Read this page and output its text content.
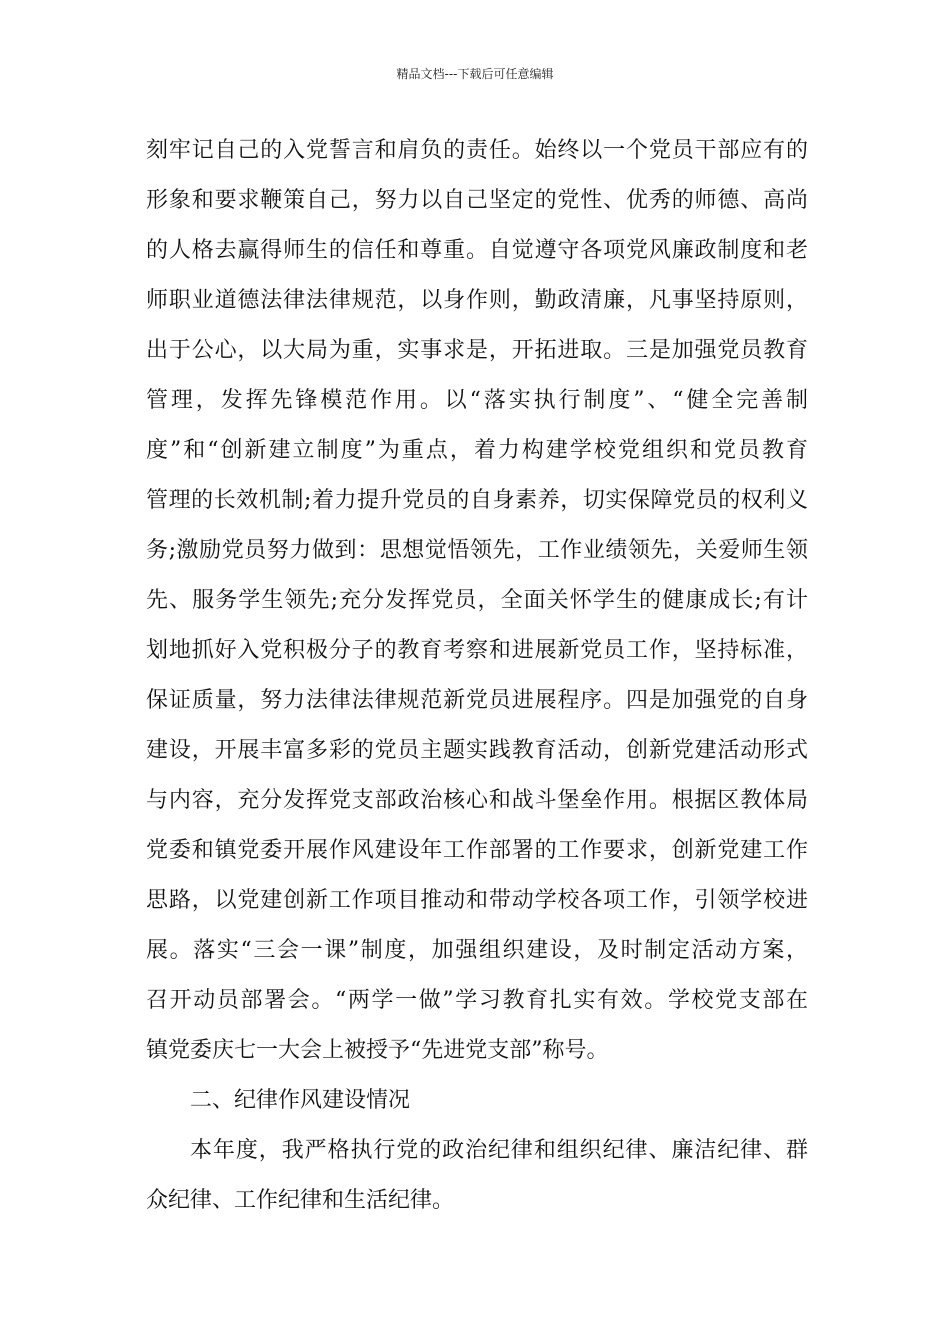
精品文档---下载后可任意编辑
刻牢记自己的入党誓言和肩负的责任。始终以一个党员干部应有的
形象和要求鞭策自己，努力以自己坚定的党性、优秀的师德、高尚
的人格去赢得师生的信任和尊重。自觉遵守各项党风廉政制度和老
师职业道德法律法律规范，以身作则，勤政清廉，凡事坚持原则，
出于公心，以大局为重，实事求是，开拓进取。三是加强党员教育
管理，发挥先锋模范作用。以“落实执行制度”、“健全完善制
度”和“创新建立制度”为重点，着力构建学校党组织和党员教育
管理的长效机制;着力提升党员的自身素养，切实保障党员的权利义
务;激励党员努力做到：思想觉悟领先，工作业绩领先，关爱师生领
先、服务学生领先;充分发挥党员，全面关怀学生的健康成长;有计
划地抓好入党积极分子的教育考察和进展新党员工作，坚持标准，
保证质量，努力法律法律规范新党员进展程序。四是加强党的自身
建设，开展丰富多彩的党员主题实践教育活动，创新党建活动形式
与内容，充分发挥党支部政治核心和战斗堡垒作用。根据区教体局
党委和镇党委开展作风建设年工作部署的工作要求，创新党建工作
思路，以党建创新工作项目推动和带动学校各项工作，引领学校进
展。落实“三会一课”制度，加强组织建设，及时制定活动方案，
召开动员部署会。“两学一做”学习教育扎实有效。学校党支部在
镇党委庆七一大会上被授予“先进党支部”称号。
二、纪律作风建设情况
本年度，我严格执行党的政治纪律和组织纪律、廉洁纪律、群
众纪律、工作纪律和生活纪律。
